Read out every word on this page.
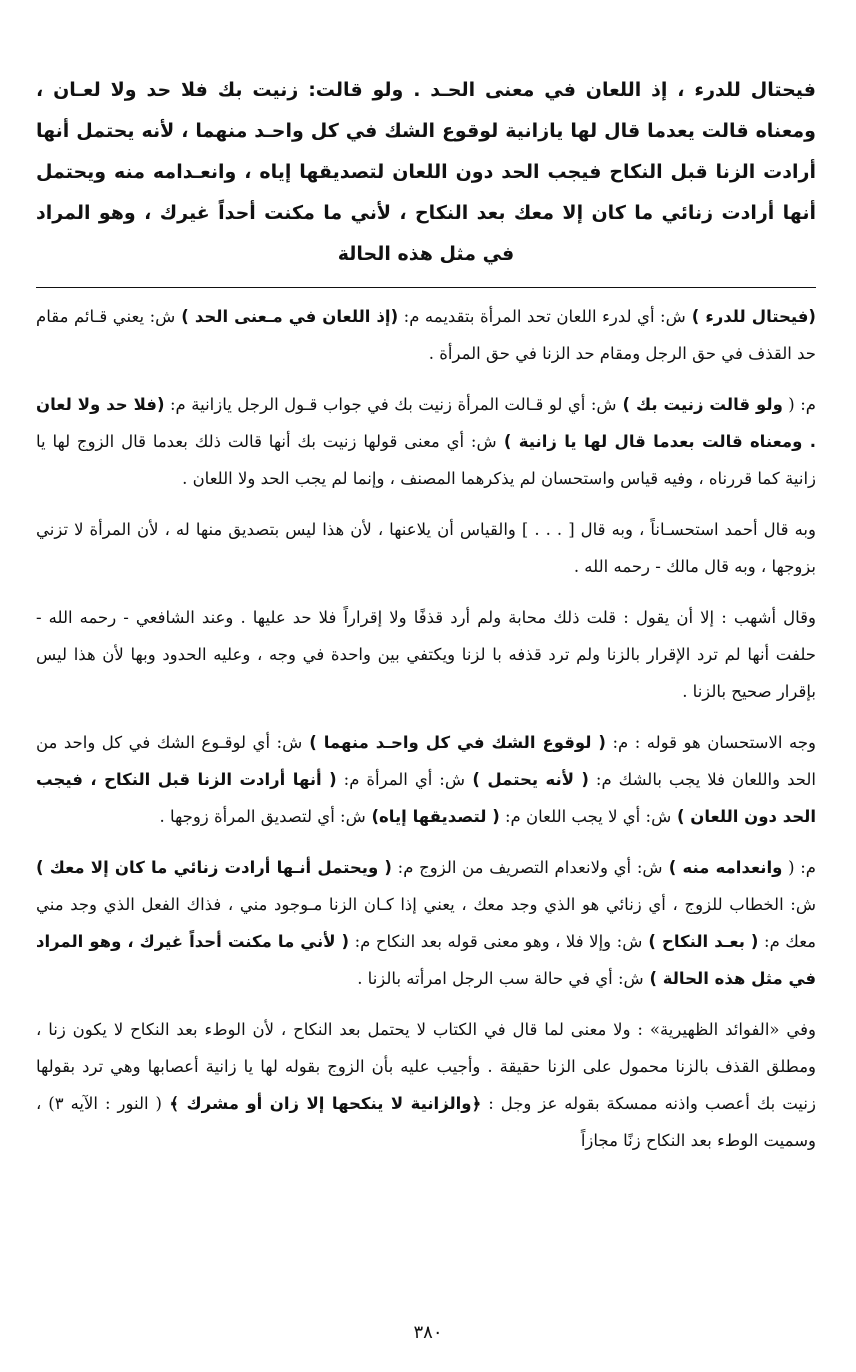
فيحتال للدرء ، إذ اللعان في معنى الحـد . ولو قالت: زنيت بك فلا حد ولا لعـان ، ومعناه قالت يعدما قال لها يازانية لوقوع الشك في كل واحـد منهما ، لأنه يحتمل أنها أرادت الزنا قبل النكاح فيجب الحد دون اللعان لتصديقها إياه ، وانعـدامه منه ويحتمل أنها أرادت زنائي ما كان إلا معك بعد النكاح ، لأني ما مكنت أحداً غيرك ، وهو المراد في مثل هذه الحالة

(فيحتال للدرء ) ش: أي لدرء اللعان تحد المرأة بتقديمه م: (إذ اللعان في مـعنى الحد ) ش: يعني قـائم مقام حد القذف في حق الرجل ومقام حد الزنا في حق المرأة .

م: ( ولو قالت زنيت بك ) ش: أي لو قـالت المرأة زنيت بك في جواب قـول الرجل يازانية م: (فلا حد ولا لعان . ومعناه قالت بعدما قال لها يا زانية ) ش: أي معنى قولها زنيت بك أنها قالت ذلك بعدما قال الزوج لها يا زانية كما قررناه ، وفيه قياس واستحسان لم يذكرهما المصنف ، وإنما لم يجب الحد ولا اللعان .

وبه قال أحمد استحسـاناً ، وبه قال [ . . . ] والقياس أن يلاعنها ، لأن هذا ليس بتصديق منها له ، لأن المرأة لا تزني بزوجها ، وبه قال مالك - رحمه الله .

وقال أشهب : إلا أن يقول : قلت ذلك محابة ولم أرد قذفًا ولا إقراراً فلا حد عليها . وعند الشافعي - رحمه الله - حلفت أنها لم ترد الإقرار بالزنا ولم ترد قذفه با لزنا ويكتفي بين واحدة في وجه ، وعليه الحدود وبها لأن هذا ليس بإقرار صحيح بالزنا .

وجه الاستحسان هو قوله : م: ( لوقوع الشك في كل واحـد منهما ) ش: أي لوقـوع الشك في كل واحد من الحد واللعان فلا يجب بالشك م: ( لأنه يحتمل ) ش: أي المرأة م: ( أنها أرادت الزنا قبل النكاح ، فيجب الحد دون اللعان ) ش: أي لا يجب اللعان م: ( لتصديقها إياه) ش: أي لتصديق المرأة زوجها .

م: ( وانعدامه منه ) ش: أي ولانعدام التصريف من الزوج م: ( ويحتمل أنـها أرادت زنائي ما كان إلا معك ) ش: الخطاب للزوج ، أي زنائي هو الذي وجد معك ، يعني إذا كـان الزنا مـوجود مني ، فذاك الفعل الذي وجد مني معك م: ( بعـد النكاح ) ش: وإلا فلا ، وهو معنى قوله بعد النكاح م: ( لأني ما مكنت أحداً غيرك ، وهو المراد في مثل هذه الحالة ) ش: أي في حالة سب الرجل امرأته بالزنا .

وفي «الفوائد الظهيرية» : ولا معنى لما قال في الكتاب لا يحتمل بعد النكاح ، لأن الوطء بعد النكاح لا يكون زنا ، ومطلق القذف بالزنا محمول على الزنا حقيقة . وأجيب عليه بأن الزوج بقوله لها يا زانية أعصابها وهي ترد بقولها زنيت بك أعصب واذنه ممسكة بقوله عز وجل : ﴿والزانية لا ينكحها إلا زان أو مشرك ﴾ ( النور : الآيه ٣) ، وسميت الوطء بعد النكاح زنًا مجازاً

٣٨٠
